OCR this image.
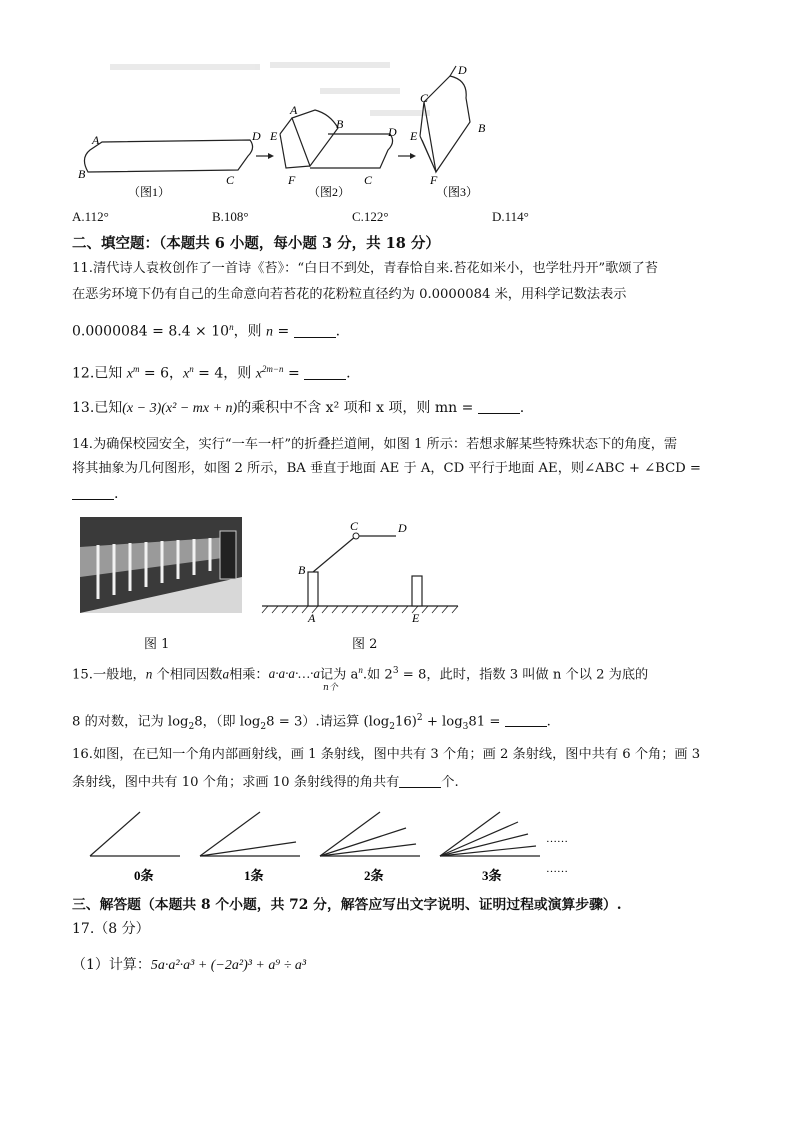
A
B
D
C
A
B
E
F
D
C
D
C
B
E
F
（图1）	（图2）	（图3）
A.112°	B.108°	C.122°	D.114°
二、填空题：（本题共 6 小题，每小题 3 分，共 18 分）
11.清代诗人袁枚创作了一首诗《苔》：“白日不到处，青春恰自来.苔花如米小，也学牡丹开”歌颂了苔
在恶劣环境下仍有自己的生命意向若苔花的花粉粒直径约为 0.0000084 米，用科学记数法表示
$0.0000084 = 8.4 \times 10^n$，则 n =	.
12.已知 $x^m = 6$，$x^n = 4$，则 $x^{2m-n}$ =	.
13.已知(x − 3)(x² − mx + n)的乘积中不含 x² 项和 x 项，则 mn =	.
14.为确保校园安全，实行“一车一杆”的折叠拦道闸，如图 1 所示：若想求解某些特殊状态下的角度，需
将其抽象为几何图形，如图 2 所示，BA 垂直于地面 AE 于 A，CD 平行于地面 AE，则∠ABC + ∠BCD =
.
图 1
B
C	D
A	E
图 2
15.一般地，n 个相同因数a相乘：a·a·a·…·a记为 $a^n$.如 $2^3 = 8$，此时，指数 3 叫做 n 个以 2 为底的
n个
8 的对数，记为 $\log_28$，（即 $\log_28 = 3$）.请运算 $(\log_216)^2 + \log_381$ =	.
16.如图，在已知一个角内部画射线，画 1 条射线，图中共有 3 个角；画 2 条射线，图中共有 6 个角；画 3
条射线，图中共有 10 个角；求画 10 条射线得的角共有	个.
……
……
0条	1条	2条	3条
三、解答题（本题共 8 个小题，共 72 分，解答应写出文字说明、证明过程或演算步骤）.
17.（8 分）
（1）计算：5a·a²·a³ + (−2a²)³ + a⁹ ÷ a³
